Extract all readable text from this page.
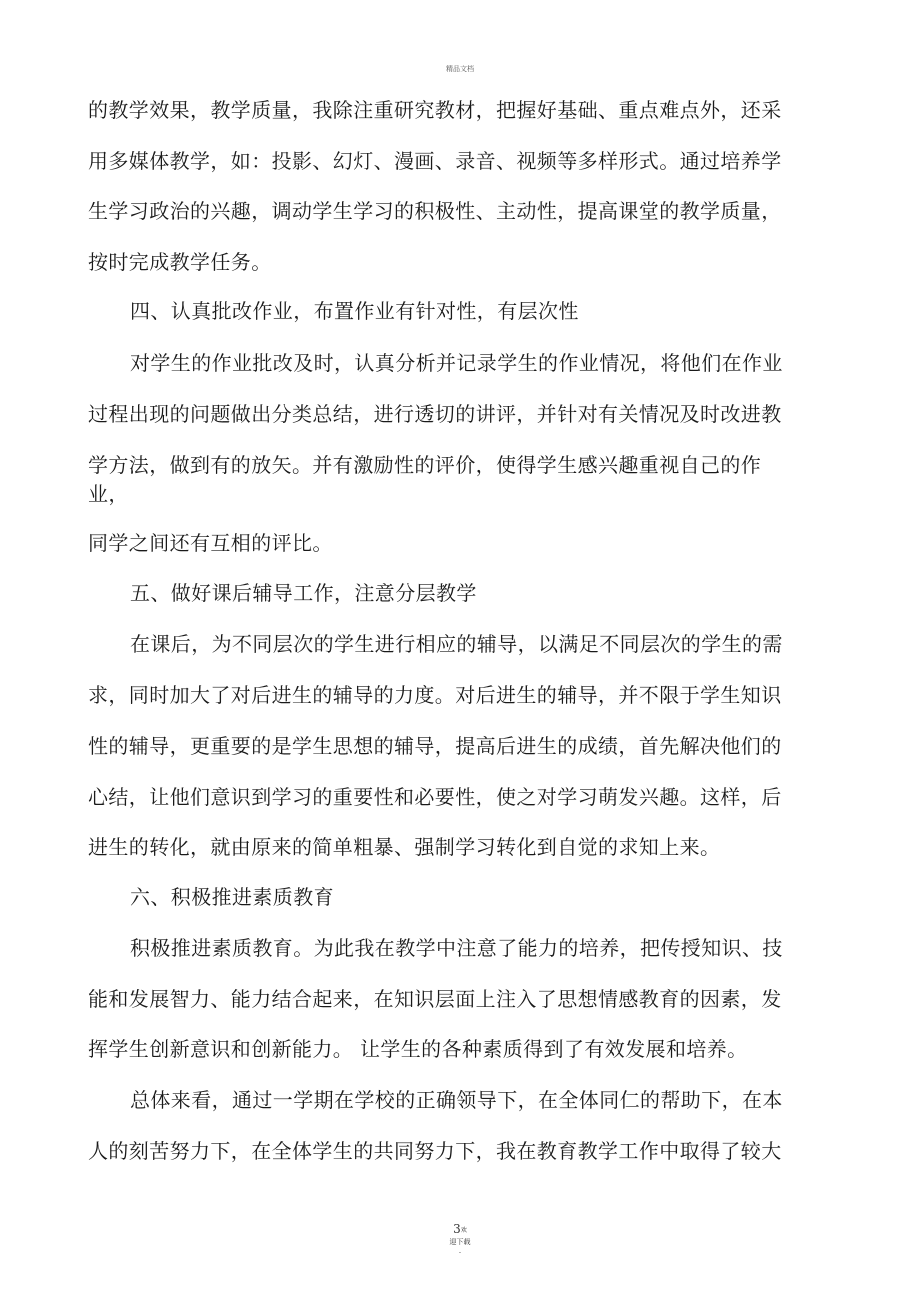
精品文档
的教学效果，教学质量，我除注重研究教材，把握好基础、重点难点外，还采
用多媒体教学，如：投影、幻灯、漫画、录音、视频等多样形式。通过培养学
生学习政治的兴趣，调动学生学习的积极性、主动性，提高课堂的教学质量，
按时完成教学任务。
四、认真批改作业，布置作业有针对性，有层次性
对学生的作业批改及时，认真分析并记录学生的作业情况，将他们在作业
过程出现的问题做出分类总结，进行透切的讲评，并针对有关情况及时改进教
学方法，做到有的放矢。并有激励性的评价，使得学生感兴趣重视自己的作
业，
同学之间还有互相的评比。
五、做好课后辅导工作，注意分层教学
在课后，为不同层次的学生进行相应的辅导，以满足不同层次的学生的需
求，同时加大了对后进生的辅导的力度。对后进生的辅导，并不限于学生知识
性的辅导，更重要的是学生思想的辅导，提高后进生的成绩，首先解决他们的
心结，让他们意识到学习的重要性和必要性，使之对学习萌发兴趣。这样，后
进生的转化，就由原来的简单粗暴、强制学习转化到自觉的求知上来。
六、积极推进素质教育
积极推进素质教育。为此我在教学中注意了能力的培养，把传授知识、技
能和发展智力、能力结合起来，在知识层面上注入了思想情感教育的因素，发
挥学生创新意识和创新能力。 让学生的各种素质得到了有效发展和培养。
总体来看，通过一学期在学校的正确领导下，在全体同仁的帮助下，在本
人的刻苦努力下，在全体学生的共同努力下，我在教育教学工作中取得了较大
3欢
迎下载
.
